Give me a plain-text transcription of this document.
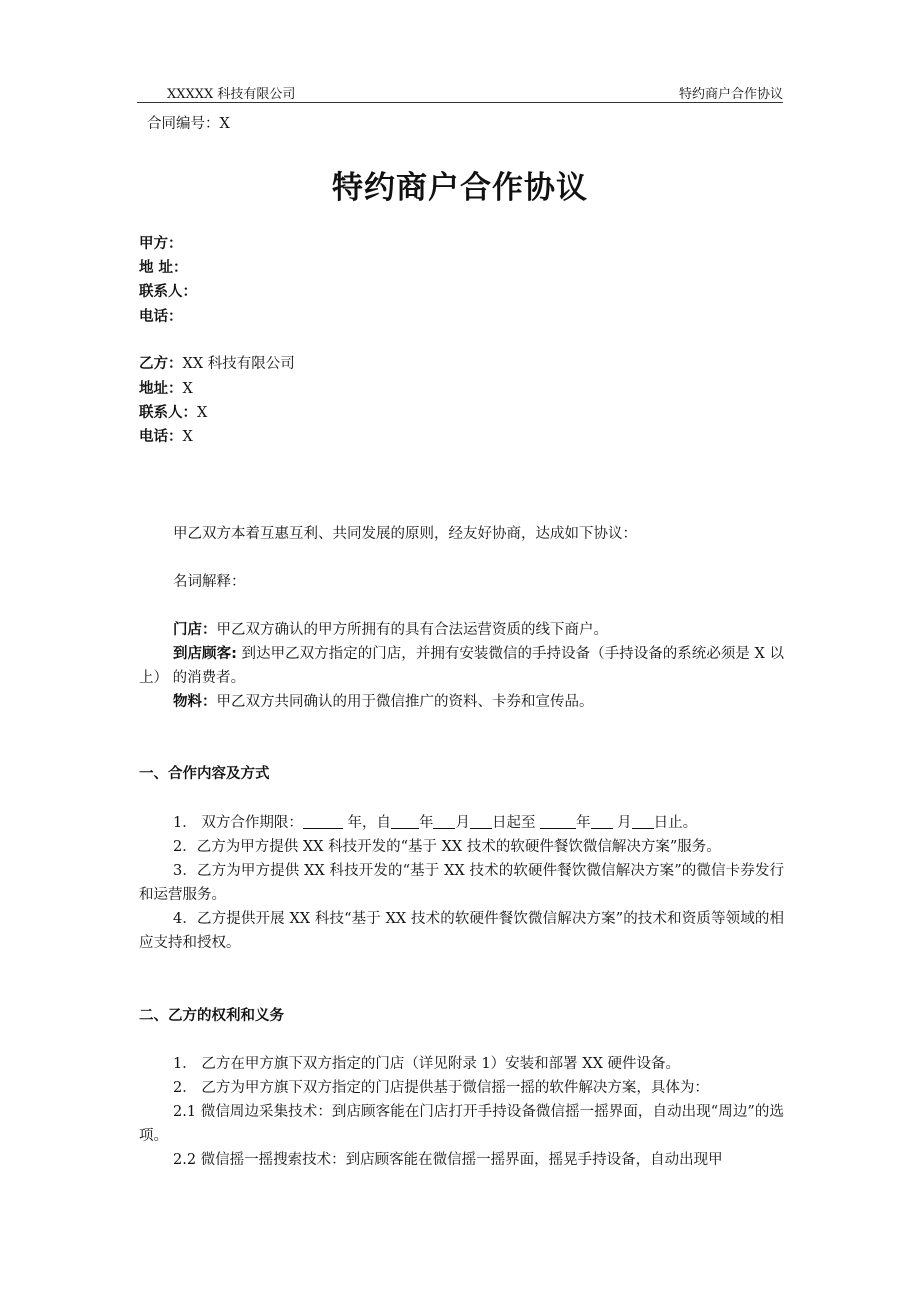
XXXXX 科技有限公司	特约商户合作协议
合同编号：X
特约商户合作协议
甲方：
地 址：
联系人：
电话：
乙方：XX 科技有限公司
地址：X
联系人：X
电话：X
甲乙双方本着互惠互利、共同发展的原则，经友好协商，达成如下协议：
名词解释：
门店：甲乙双方确认的甲方所拥有的具有合法运营资质的线下商户。
到店顾客: 到达甲乙双方指定的门店，并拥有安装微信的手持设备（手持设备的系统必须是 X 以上） 的消费者。
物料：甲乙双方共同确认的用于微信推广的资料、卡券和宣传品。
一、合作内容及方式
1． 双方合作期限：	年，自 年 月 日起至 年 月 日止。
2．乙方为甲方提供 XX 科技开发的“基于 XX 技术的软硬件餐饮微信解决方案”服务。
3．乙方为甲方提供 XX 科技开发的“基于 XX 技术的软硬件餐饮微信解决方案”的微信卡券发行和运营服务。
4．乙方提供开展 XX 科技“基于 XX 技术的软硬件餐饮微信解决方案”的技术和资质等领域的相应支持和授权。
二、乙方的权利和义务
1． 乙方在甲方旗下双方指定的门店（详见附录 1）安装和部署 XX 硬件设备。
2． 乙方为甲方旗下双方指定的门店提供基于微信摇一摇的软件解决方案，具体为：
2.1 微信周边采集技术：到店顾客能在门店打开手持设备微信摇一摇界面，自动出现“周边”的选项。
2.2 微信摇一摇搜索技术：到店顾客能在微信摇一摇界面，摇晃手持设备，自动出现甲
